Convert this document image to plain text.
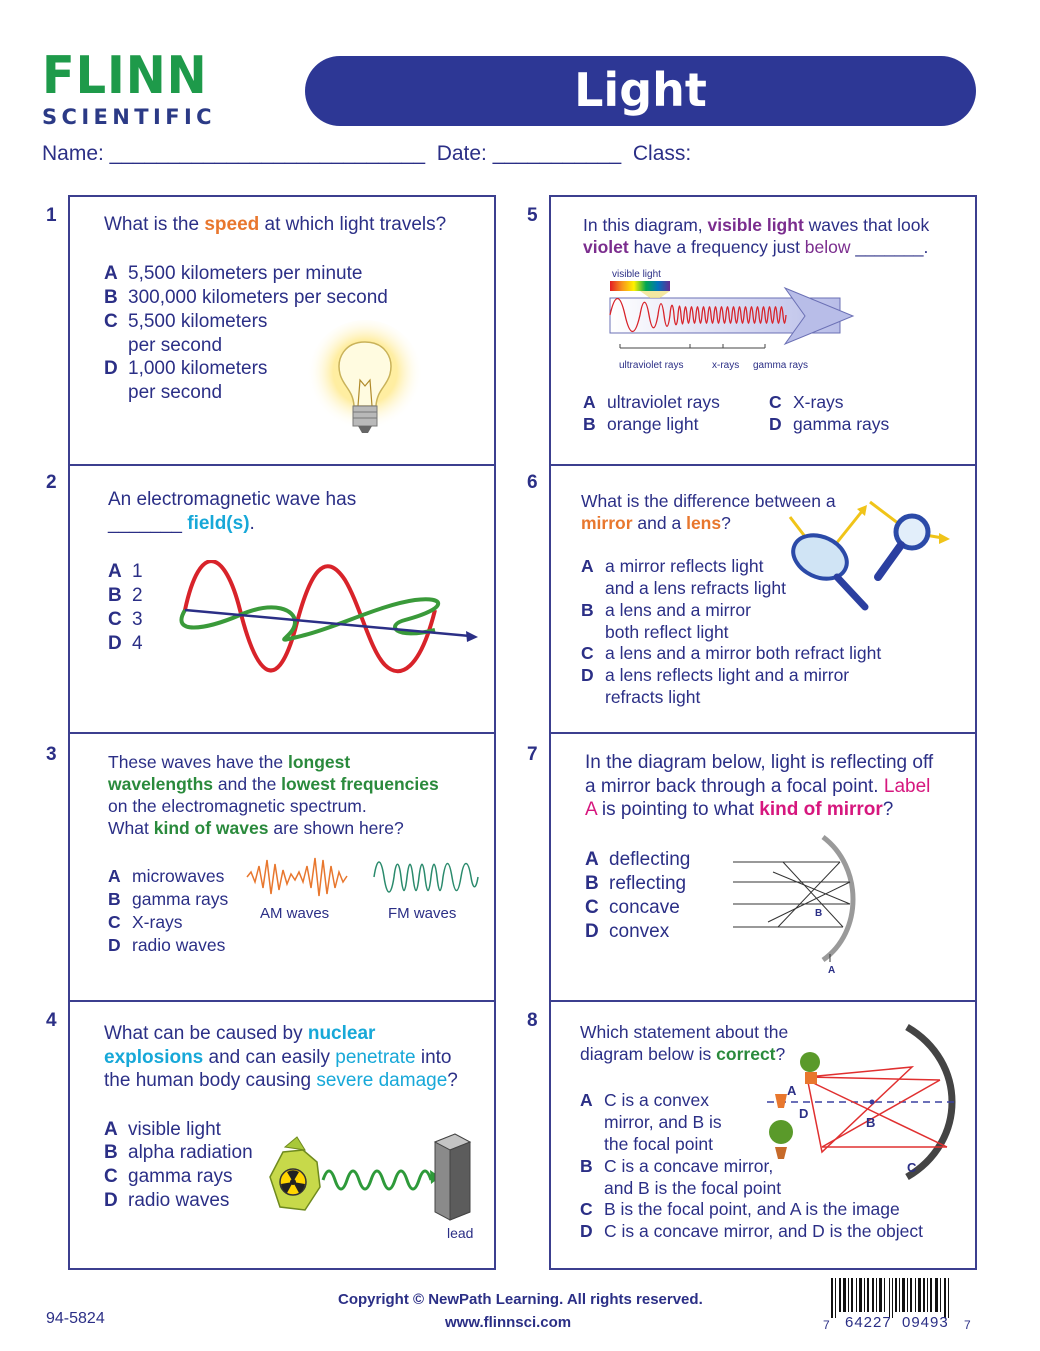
FLINN
SCIENTIFIC	Light
Name: ___________________________  Date: ___________  Class:
1
2
3
4
5
6
7
8
What is the speed at which light travels?
A 5,500 kilometers per minute
B 300,000 kilometers per second
C 5,500 kilometers
per second
D 1,000 kilometers
per second
An electromagnetic wave has
_______ field(s).
A 1
B 2
C 3
D 4
These waves have the longest
wavelengths and the lowest frequencies
on the electromagnetic spectrum.
What kind of waves are shown here?
A microwaves
B gamma rays
C X-rays
D radio waves
AM waves	FM waves
What can be caused by nuclear
explosions and can easily penetrate into
the human body causing severe damage?
A visible light
B alpha radiation
C gamma rays
D radio waves
lead
In this diagram, visible light waves that look
violet have a frequency just below _______.
visible light
ultraviolet rays	x-rays gamma rays
A ultraviolet rays
B orange light
C X-rays
D gamma rays
What is the difference between a
mirror and a lens?
A a mirror reflects light
and a lens refracts light
B a lens and a mirror
both reflect light
C a lens and a mirror both refract light
D a lens reflects light and a mirror
refracts light
In the diagram below, light is reflecting off
a mirror back through a focal point. Label
A is pointing to what kind of mirror?
A deflecting
B reflecting
C concave
D convex
B
A
Which statement about the
diagram below is correct?
A
D
B
C
A C is a convex
mirror, and B is
the focal point
B C is a concave mirror,
and B is the focal point
C B is the focal point, and A is the image
D C is a concave mirror, and D is the object
94-5824
Copyright © NewPath Learning. All rights reserved.
www.flinnsci.com	7 64227 09493 7
